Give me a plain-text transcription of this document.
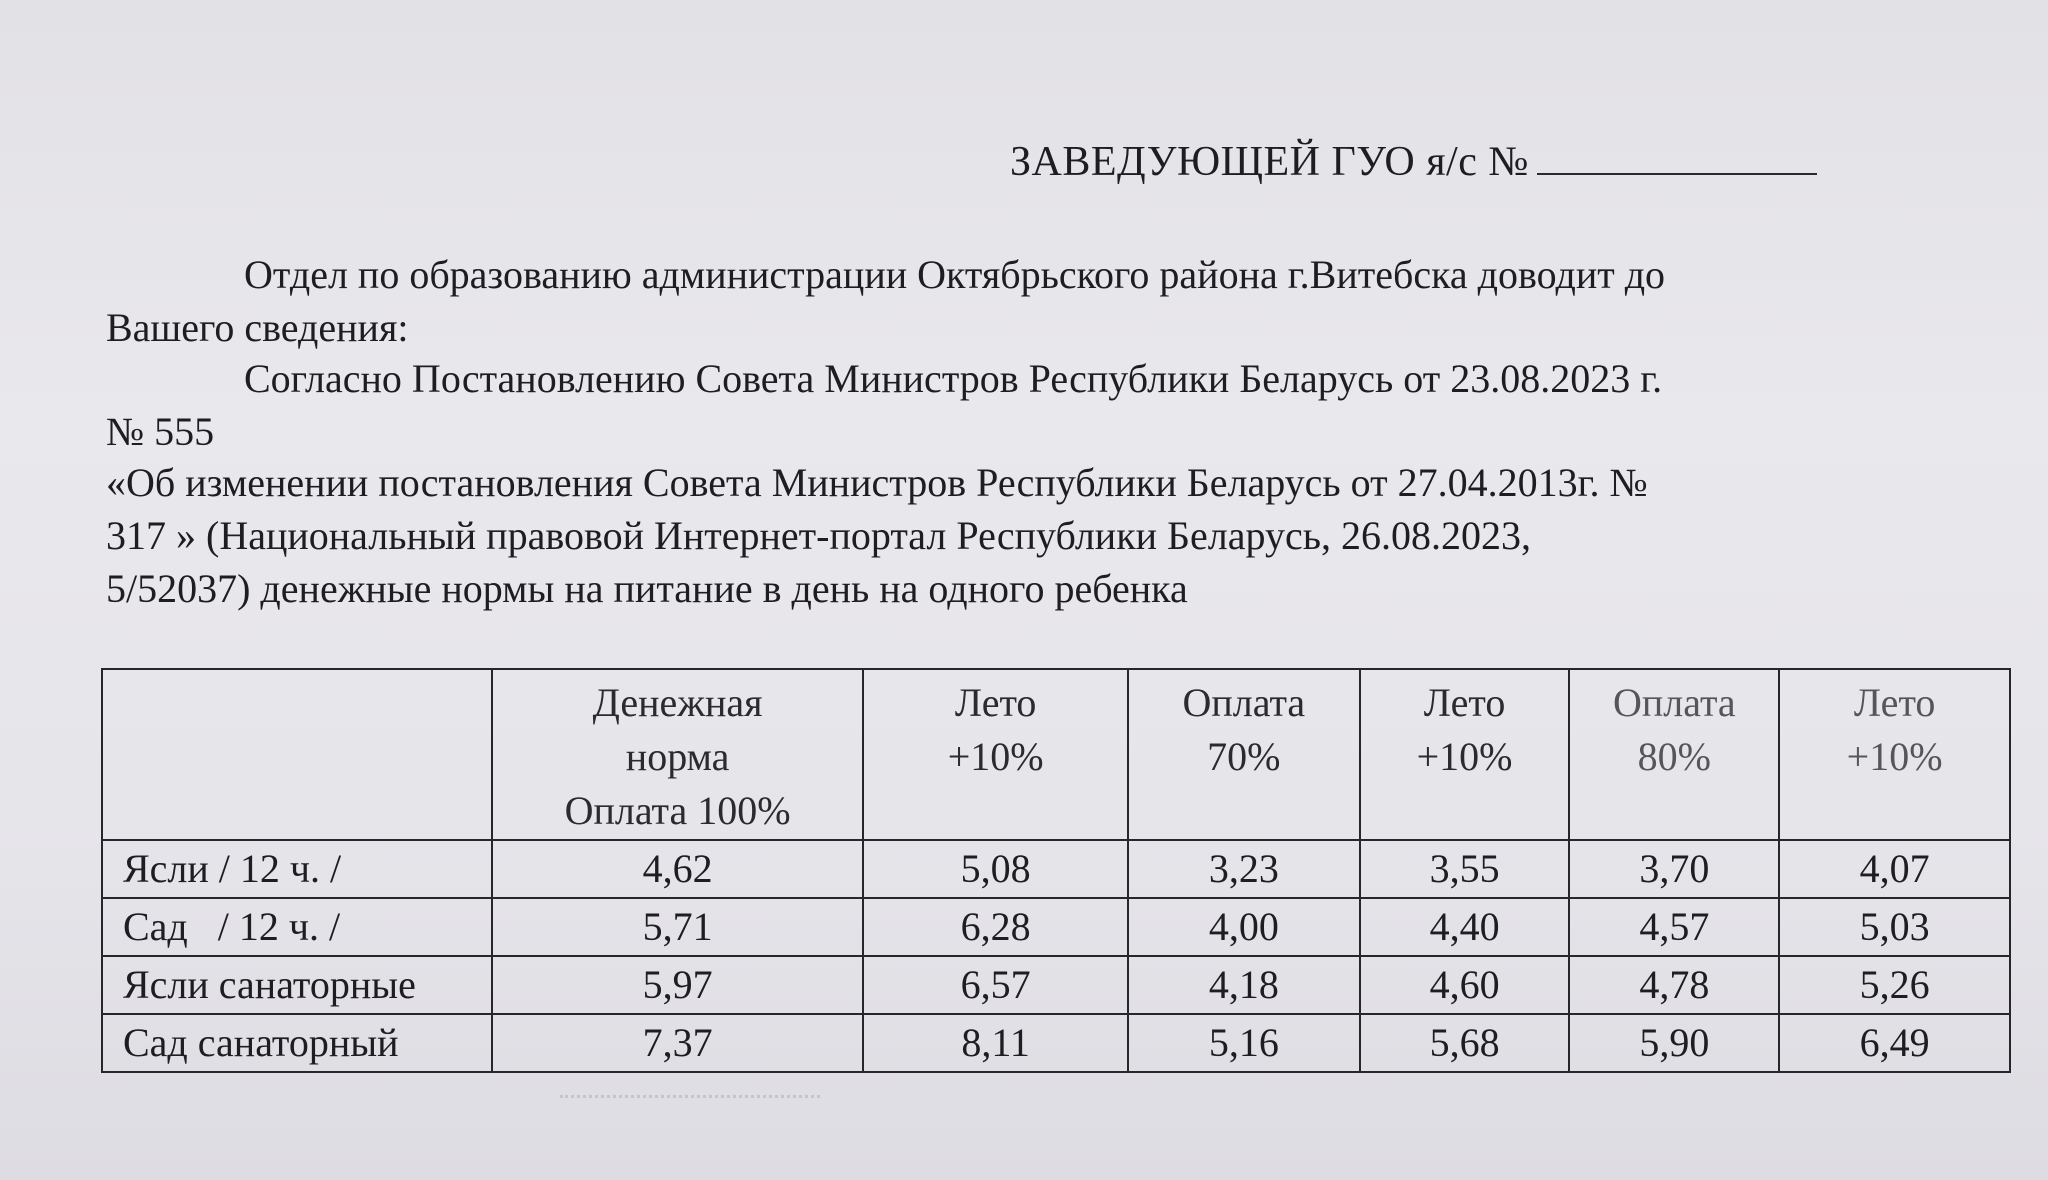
ЗАВЕДУЮЩЕЙ ГУО я/с №
Отдел по образованию администрации Октябрьского района г.Витебска доводит до
Вашего сведения:
Согласно Постановлению Совета Министров Республики Беларусь от 23.08.2023 г.
№ 555
«Об изменении постановления Совета Министров Республики Беларусь от 27.04.2013г. №
317 » (Национальный правовой Интернет-портал Республики Беларусь, 26.08.2023,
5/52037) денежные нормы на питание в день на одного ребенка
	Денежная
норма
Оплата 100%	Лето
+10%	Оплата
70%	Лето
+10%	Оплата
80%	Лето
+10%
Ясли / 12 ч. /	4,62	5,08	3,23	3,55	3,70	4,07
Сад   / 12 ч. /	5,71	6,28	4,00	4,40	4,57	5,03
Ясли санаторные	5,97	6,57	4,18	4,60	4,78	5,26
Сад санаторный	7,37	8,11	5,16	5,68	5,90	6,49
